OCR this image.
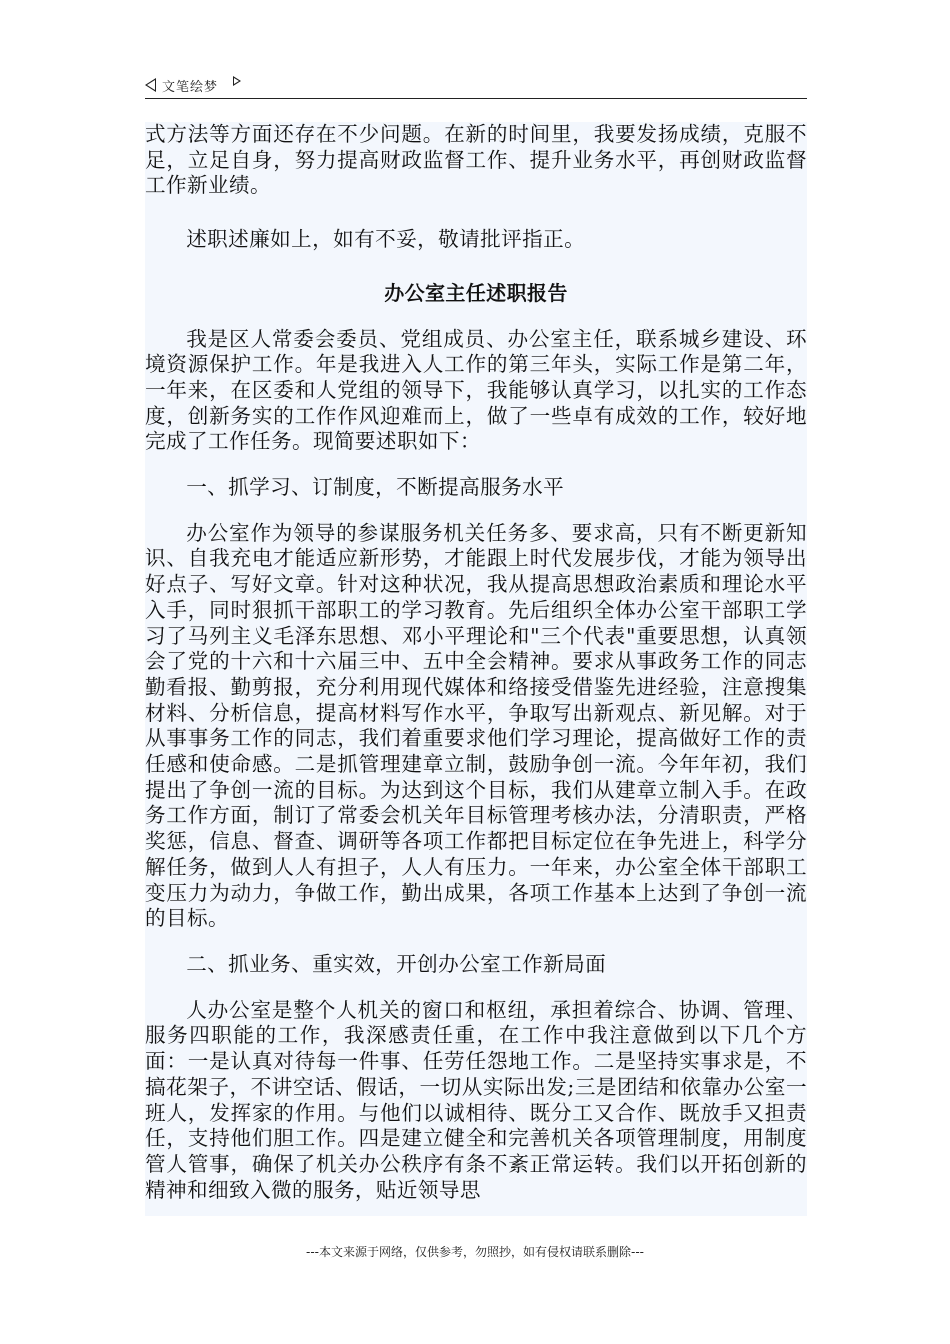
文笔绘梦

式方法等方面还存在不少问题。在新的时间里，我要发扬成绩，克服不足，立足自身，努力提高财政监督工作、提升业务水平，再创财政监督工作新业绩。

述职述廉如上，如有不妥，敬请批评指正。

办公室主任述职报告

我是区人常委会委员、党组成员、办公室主任，联系城乡建设、环境资源保护工作。年是我进入人工作的第三年头，实际工作是第二年，一年来，在区委和人党组的领导下，我能够认真学习，以扎实的工作态度，创新务实的工作作风迎难而上，做了一些卓有成效的工作，较好地完成了工作任务。现简要述职如下：

一、抓学习、订制度，不断提高服务水平

办公室作为领导的参谋服务机关任务多、要求高，只有不断更新知识、自我充电才能适应新形势，才能跟上时代发展步伐，才能为领导出好点子、写好文章。针对这种状况，我从提高思想政治素质和理论水平入手，同时狠抓干部职工的学习教育。先后组织全体办公室干部职工学习了马列主义毛泽东思想、邓小平理论和"三个代表"重要思想，认真领会了党的十六和十六届三中、五中全会精神。要求从事政务工作的同志勤看报、勤剪报，充分利用现代媒体和络接受借鉴先进经验，注意搜集材料、分析信息，提高材料写作水平，争取写出新观点、新见解。对于从事事务工作的同志，我们着重要求他们学习理论，提高做好工作的责任感和使命感。二是抓管理建章立制，鼓励争创一流。今年年初，我们提出了争创一流的目标。为达到这个目标，我们从建章立制入手。在政务工作方面，制订了常委会机关年目标管理考核办法，分清职责，严格奖惩，信息、督查、调研等各项工作都把目标定位在争先进上，科学分解任务，做到人人有担子，人人有压力。一年来，办公室全体干部职工变压力为动力，争做工作，勤出成果，各项工作基本上达到了争创一流的目标。

二、抓业务、重实效，开创办公室工作新局面

人办公室是整个人机关的窗口和枢纽，承担着综合、协调、管理、服务四职能的工作，我深感责任重，在工作中我注意做到以下几个方面：一是认真对待每一件事、任劳任怨地工作。二是坚持实事求是，不搞花架子，不讲空话、假话，一切从实际出发;三是团结和依靠办公室一班人，发挥家的作用。与他们以诚相待、既分工又合作、既放手又担责任，支持他们胆工作。四是建立健全和完善机关各项管理制度，用制度管人管事，确保了机关办公秩序有条不紊正常运转。我们以开拓创新的精神和细致入微的服务，贴近领导思

---本文来源于网络，仅供参考，勿照抄，如有侵权请联系删除---
